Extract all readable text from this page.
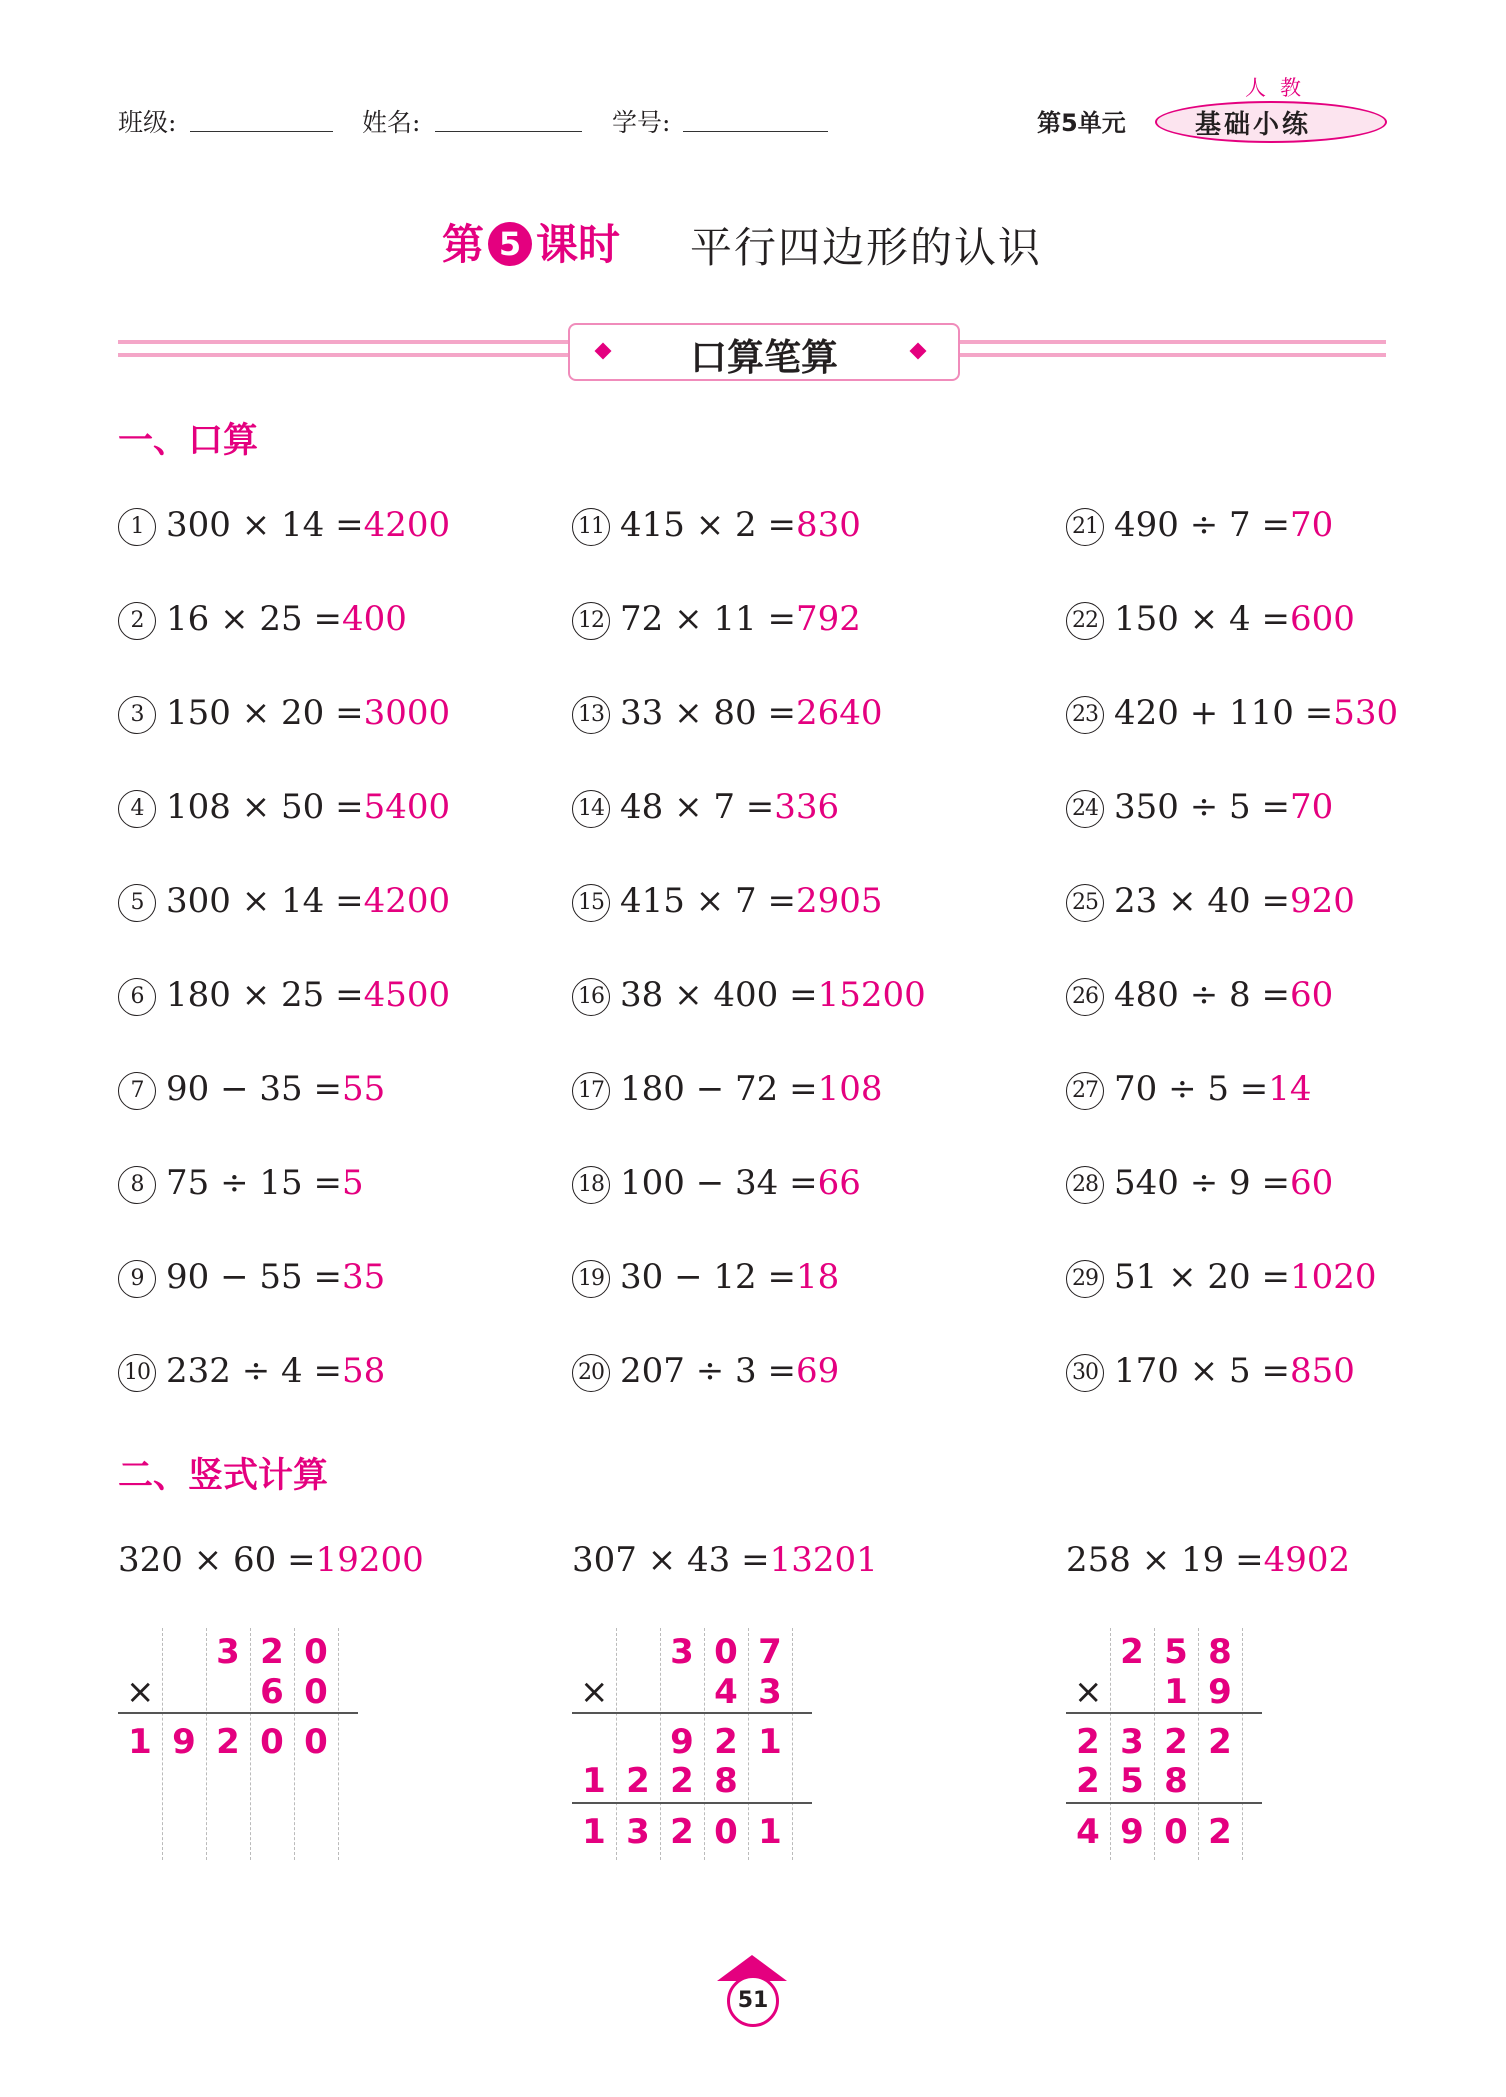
班级:	姓名:	学号:	第5单元
人教
基础小练
第 5 课时 平行四边形的认识
口算笔算
一、口算
1 300 × 14 =4200
2 16 × 25 =400
3 150 × 20 =3000
4 108 × 50 =5400
5 300 × 14 =4200
6 180 × 25 =4500
7 90 − 35 =55
8 75 ÷ 15 =5
9 90 − 55 =35
10 232 ÷ 4 =58
11 415 × 2 =830
12 72 × 11 =792
13 33 × 80 =2640
14 48 × 7 =336
15 415 × 7 =2905
16 38 × 400 =15200
17 180 − 72 =108
18 100 − 34 =66
19 30 − 12 =18
20 207 ÷ 3 =69
21 490 ÷ 7 =70
22 150 × 4 =600
23 420 + 110 =530
24 350 ÷ 5 =70
25 23 × 40 =920
26 480 ÷ 8 =60
27 70 ÷ 5 =14
28 540 ÷ 9 =60
29 51 × 20 =1020
30 170 × 5 =850
二、竖式计算
320 × 60 =19200
3 2 0
×	6 0
1 9 2 0 0
307 × 43 =13201
3 0 7
×	4 3
9 2 1
1 2 2 8
1 3 2 0 1
258 × 19 =4902
2 5 8
× 1 9
2 3 2 2
2 5 8
4 9 0 2
51
